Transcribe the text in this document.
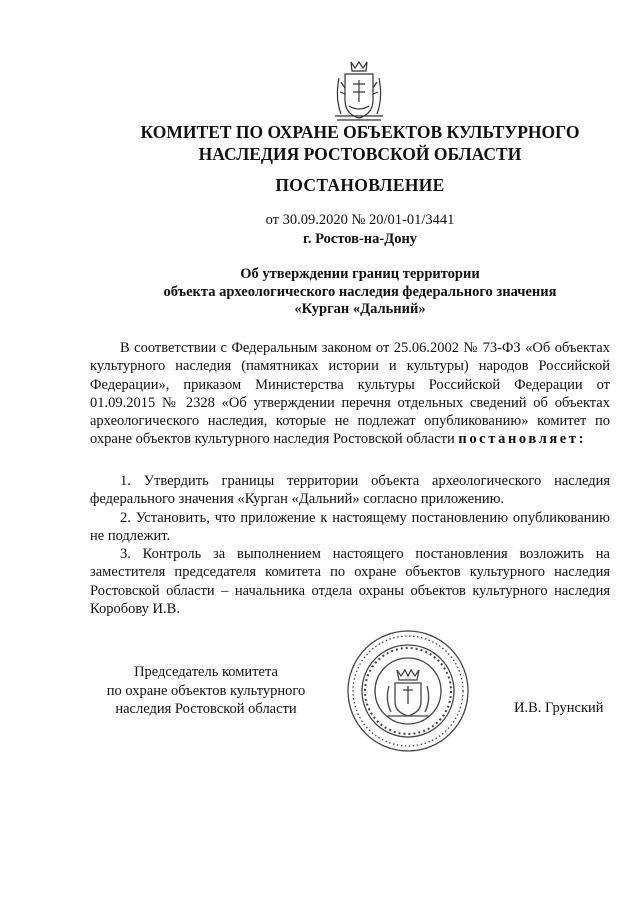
КОМИТЕТ ПО ОХРАНЕ ОБЪЕКТОВ КУЛЬТУРНОГО
НАСЛЕДИЯ РОСТОВСКОЙ ОБЛАСТИ
ПОСТАНОВЛЕНИЕ
от 30.09.2020 № 20/01-01/3441
г. Ростов-на-Дону
Об утверждении границ территории
объекта археологического наследия федерального значения
«Курган «Дальний»

В соответствии с Федеральным законом от 25.06.2002 № 73-ФЗ «Об объектах культурного наследия (памятниках истории и культуры) народов Российской Федерации», приказом Министерства культуры Российской Федерации от 01.09.2015 № 2328 «Об утверждении перечня отдельных сведений об объектах археологического наследия, которые не подлежат опубликованию» комитет по охране объектов культурного наследия Ростовской области постановляет:

1. Утвердить границы территории объекта археологического наследия федерального значения «Курган «Дальний» согласно приложению.

2. Установить, что приложение к настоящему постановлению опубликованию не подлежит.

3. Контроль за выполнением настоящего постановления возложить на заместителя председателя комитета по охране объектов культурного наследия Ростовской области – начальника отдела охраны объектов культурного наследия Коробову И.В.

Председатель комитета
по охране объектов культурного
наследия Ростовской области	И.В. Грунский
